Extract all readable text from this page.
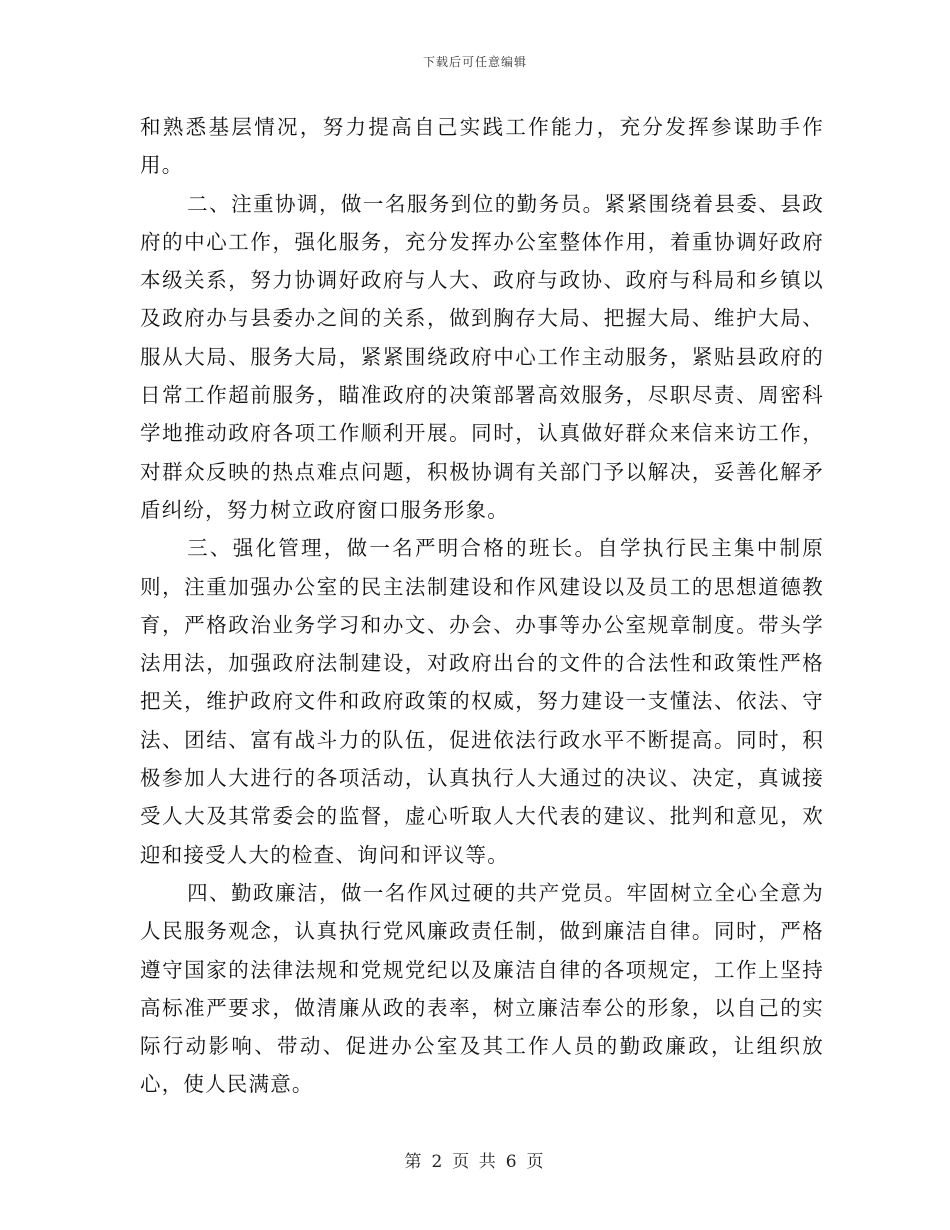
下载后可任意编辑

和熟悉基层情况，努力提高自己实践工作能力，充分发挥参谋助手作用。

二、注重协调，做一名服务到位的勤务员。紧紧围绕着县委、县政府的中心工作，强化服务，充分发挥办公室整体作用，着重协调好政府本级关系，努力协调好政府与人大、政府与政协、政府与科局和乡镇以及政府办与县委办之间的关系，做到胸存大局、把握大局、维护大局、服从大局、服务大局，紧紧围绕政府中心工作主动服务，紧贴县政府的日常工作超前服务，瞄准政府的决策部署高效服务，尽职尽责、周密科学地推动政府各项工作顺利开展。同时，认真做好群众来信来访工作，对群众反映的热点难点问题，积极协调有关部门予以解决，妥善化解矛盾纠纷，努力树立政府窗口服务形象。

三、强化管理，做一名严明合格的班长。自学执行民主集中制原则，注重加强办公室的民主法制建设和作风建设以及员工的思想道德教育，严格政治业务学习和办文、办会、办事等办公室规章制度。带头学法用法，加强政府法制建设，对政府出台的文件的合法性和政策性严格把关，维护政府文件和政府政策的权威，努力建设一支懂法、依法、守法、团结、富有战斗力的队伍，促进依法行政水平不断提高。同时，积极参加人大进行的各项活动，认真执行人大通过的决议、决定，真诚接受人大及其常委会的监督，虚心听取人大代表的建议、批判和意见，欢迎和接受人大的检查、询问和评议等。

四、勤政廉洁，做一名作风过硬的共产党员。牢固树立全心全意为人民服务观念，认真执行党风廉政责任制，做到廉洁自律。同时，严格遵守国家的法律法规和党规党纪以及廉洁自律的各项规定，工作上坚持高标准严要求，做清廉从政的表率，树立廉洁奉公的形象，以自己的实际行动影响、带动、促进办公室及其工作人员的勤政廉政，让组织放心，使人民满意。

第 2 页 共 6 页
